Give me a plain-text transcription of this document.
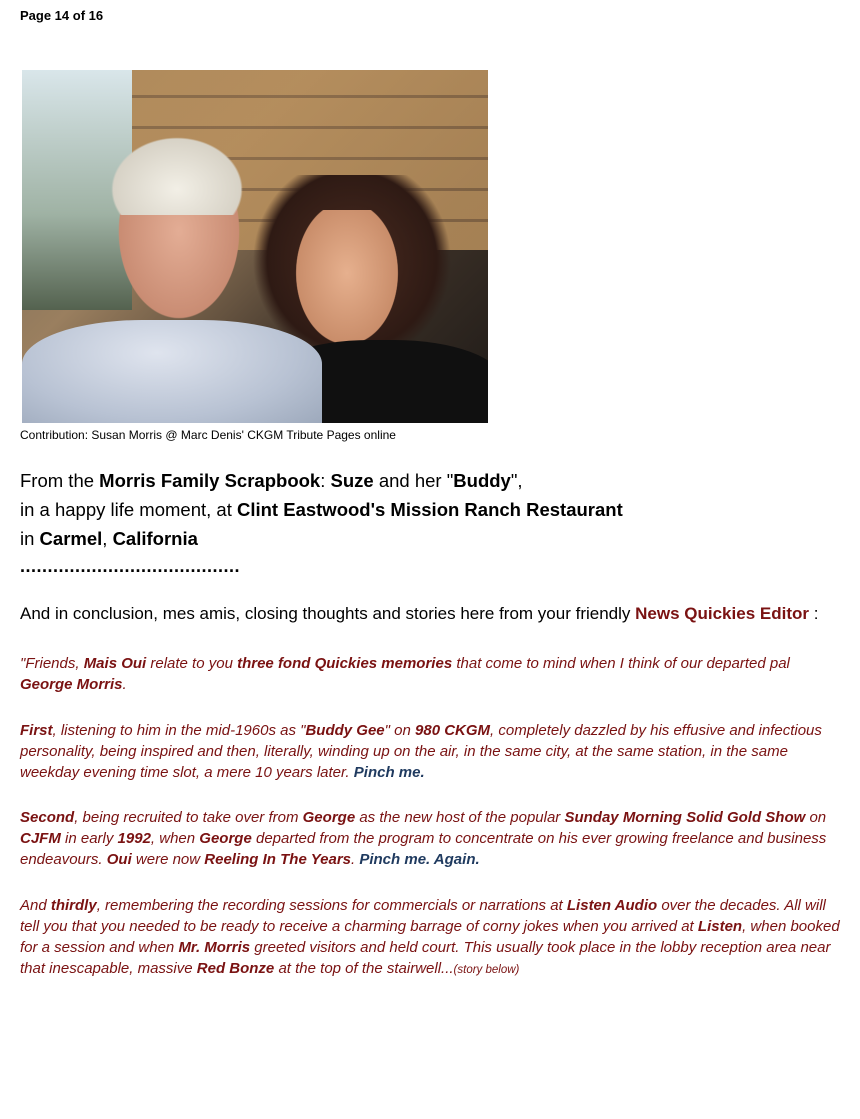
Page 14 of 16
Contribution: Susan Morris @ Marc Denis' CKGM Tribute Pages online
From the Morris Family Scrapbook: Suze and her "Buddy",
in a happy life moment, at Clint Eastwood's Mission Ranch Restaurant
in Carmel, California
........................................
And in conclusion, mes amis, closing thoughts and stories here from your friendly News Quickies Editor :
"Friends, Mais Oui relate to you three fond Quickies memories that come to mind when I think of our departed pal George Morris.
First, listening to him in the mid-1960s as "Buddy Gee" on 980 CKGM, completely dazzled by his effusive and infectious personality, being inspired and then, literally, winding up on the air, in the same city, at the same station, in the same weekday evening time slot, a mere 10 years later. Pinch me.
Second, being recruited to take over from George as the new host of the popular Sunday Morning Solid Gold Show on CJFM in early 1992, when George departed from the program to concentrate on his ever growing freelance and business endeavours. Oui were now Reeling In The Years. Pinch me. Again.
And thirdly, remembering the recording sessions for commercials or narrations at Listen Audio over the decades. All will tell you that you needed to be ready to receive a charming barrage of corny jokes when you arrived at Listen, when booked for a session and when Mr. Morris greeted visitors and held court. This usually took place in the lobby reception area near that inescapable, massive Red Bonze at the top of the stairwell...(story below)
